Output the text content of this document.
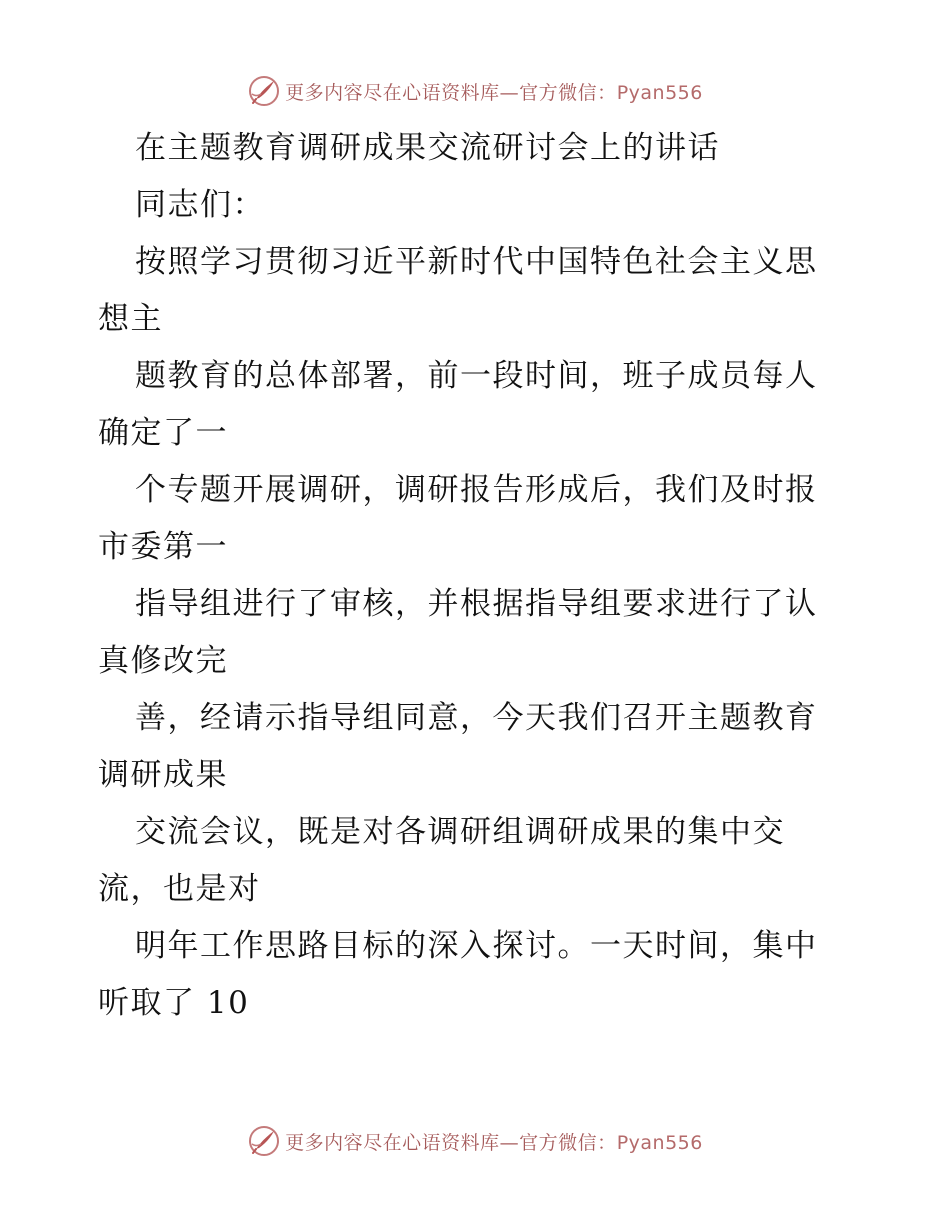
更多内容尽在心语资料库—官方微信：Pyan556
在主题教育调研成果交流研讨会上的讲话
同志们：
按照学习贯彻习近平新时代中国特色社会主义思
想主
题教育的总体部署，前一段时间，班子成员每人
确定了一
个专题开展调研，调研报告形成后，我们及时报
市委第一
指导组进行了审核，并根据指导组要求进行了认
真修改完
善，经请示指导组同意，今天我们召开主题教育
调研成果
交流会议，既是对各调研组调研成果的集中交
流，也是对
明年工作思路目标的深入探讨。一天时间，集中
听取了 10
更多内容尽在心语资料库—官方微信：Pyan556
